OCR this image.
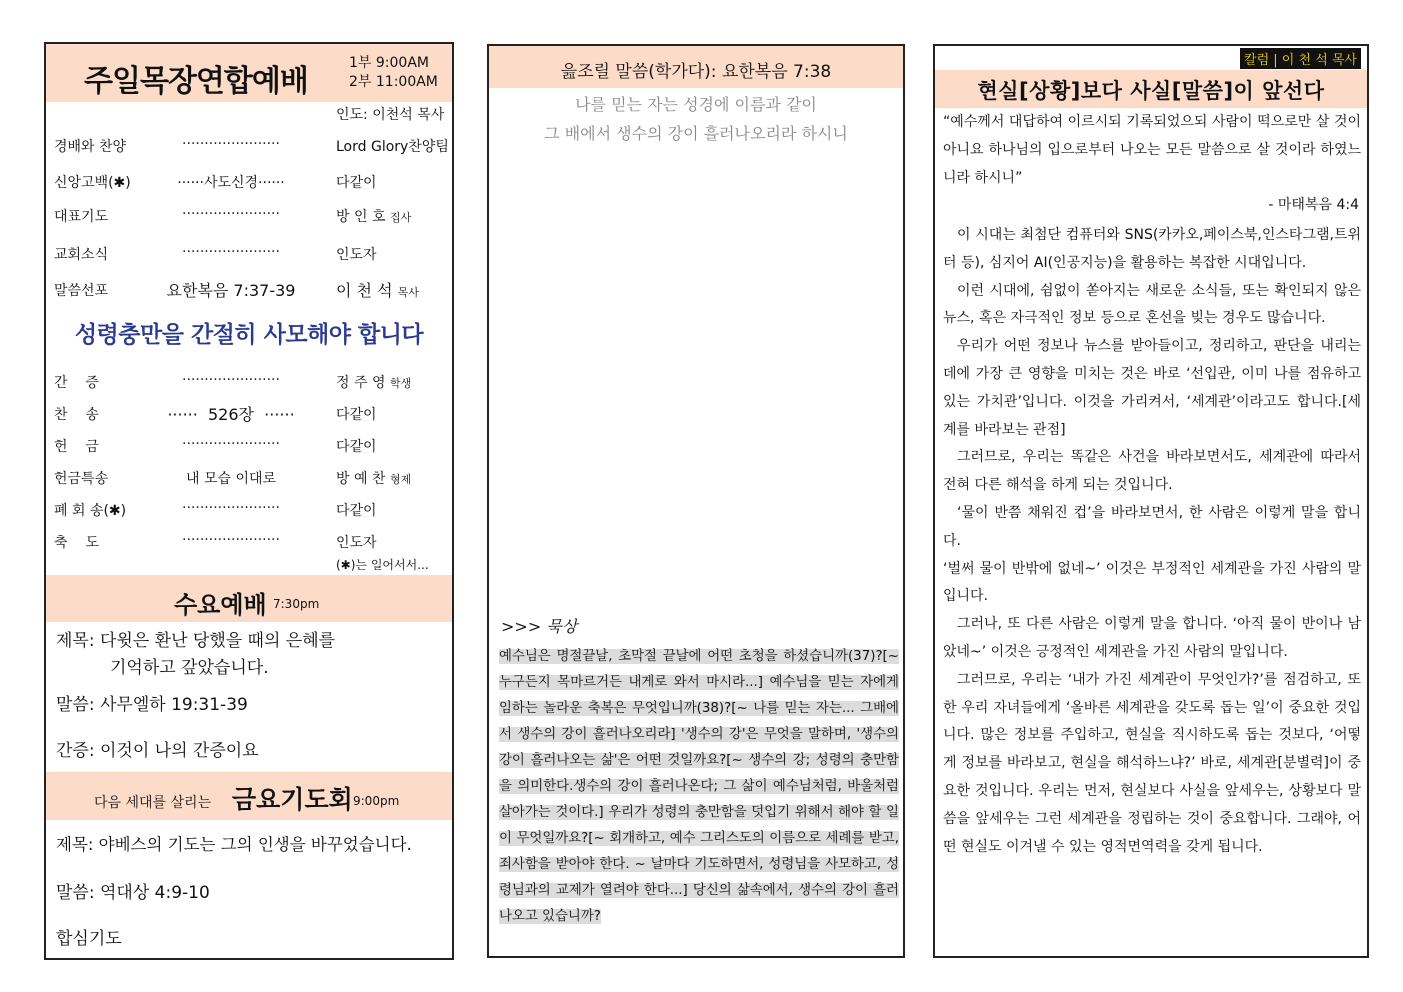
주일목장연합예배
1부 9:00AM
2부 11:00AM
인도: 이천석 목사
경배와 찬양	······················	Lord Glory찬양팀
신앙고백(✱)	······사도신경······	다같이
대표기도	······················	방 인 호 집사
교회소식	······················	인도자
말씀선포	요한복음 7:37-39	이 천 석 목사
성령충만을 간절히 사모해야 합니다
간    증	······················	정 주 영 학생
찬    송	······  526장  ······	다같이
헌    금	······················	다같이
헌금특송	내 모습 이대로	방 예 찬 형제
폐 회 송(✱)	······················	다같이
축    도	······················	인도자
(✱)는 일어서서...
수요예배 7:30pm
제목: 다윗은 환난 당했을 때의 은혜를
기억하고 갚았습니다.
말씀: 사무엘하 19:31-39
간증: 이것이 나의 간증이요
다음 세대를 살리는 금요기도회 9:00pm
제목: 야베스의 기도는 그의 인생을 바꾸었습니다.
말씀: 역대상 4:9-10
합심기도
읊조릴 말씀(학가다): 요한복음 7:38
나를 믿는 자는 성경에 이름과 같이
그 배에서 생수의 강이 흘러나오리라 하시니
>>> 묵상
예수님은 명절끝날, 초막절 끝날에 어떤 초청을 하셨습니까(37)?[~ 누구든지 목마르거든 내게로 와서 마시라...] 예수님을 믿는 자에게 임하는 놀라운 축복은 무엇입니까(38)?[~ 나를 믿는 자는... 그배에서 생수의 강이 흘러나오리라] '생수의 강'은 무엇을 말하며, '생수의 강이 흘러나오는 삶'은 어떤 것일까요?[~ 생수의 강; 성령의 충만함을 의미한다.생수의 강이 흘러나온다; 그 삶이 예수님처럼, 바울처럼 살아가는 것이다.] 우리가 성령의 충만함을 덧입기 위해서 해야 할 일이 무엇일까요?[~ 회개하고, 예수 그리스도의 이름으로 세례를 받고, 죄사함을 받아야 한다. ~ 날마다 기도하면서, 성령님을 사모하고, 성령님과의 교제가 열려야 한다...] 당신의 삶속에서, 생수의 강이 흘러나오고 있습니까?
칼럼 | 이 천 석 목사
현실[상황]보다 사실[말씀]이 앞선다
“예수께서 대답하여 이르시되 기록되었으되 사람이 떡으로만 살 것이 아니요 하나님의 입으로부터 나오는 모든 말씀으로 살 것이라 하였느니라 하시니”
- 마태복음 4:4

이 시대는 최첨단 컴퓨터와 SNS(카카오,페이스북,인스타그램,트위터 등), 심지어 AI(인공지능)을 활용하는 복잡한 시대입니다.

이런 시대에, 쉼없이 쏟아지는 새로운 소식들, 또는 확인되지 않은 뉴스, 혹은 자극적인 정보 등으로 혼선을 빚는 경우도 많습니다.

우리가 어떤 정보나 뉴스를 받아들이고, 정리하고, 판단을 내리는 데에 가장 큰 영향을 미치는 것은 바로 ‘선입관, 이미 나를 점유하고 있는 가치관’입니다. 이것을 가리켜서, ‘세계관’이라고도 합니다.[세계를 바라보는 관점]

그러므로, 우리는 똑같은 사건을 바라보면서도, 세계관에 따라서 전혀 다른 해석을 하게 되는 것입니다.

‘물이 반쯤 채워진 컵’을 바라보면서, 한 사람은 이렇게 말을 합니다.

‘벌써 물이 반밖에 없네~’ 이것은 부정적인 세계관을 가진 사람의 말입니다.

그러나, 또 다른 사람은 이렇게 말을 합니다. ‘아직 물이 반이나 남았네~’ 이것은 긍정적인 세계관을 가진 사람의 말입니다.

그러므로, 우리는 ‘내가 가진 세계관이 무엇인가?’를 점검하고, 또한 우리 자녀들에게 ‘올바른 세계관을 갖도록 돕는 일’이 중요한 것입니다. 많은 정보를 주입하고, 현실을 직시하도록 돕는 것보다, ‘어떻게 정보를 바라보고, 현실을 해석하느냐?’ 바로, 세계관[분별력]이 중요한 것입니다. 우리는 먼저, 현실보다 사실을 앞세우는, 상황보다 말씀을 앞세우는 그런 세계관을 정립하는 것이 중요합니다. 그래야, 어떤 현실도 이겨낼 수 있는 영적면역력을 갖게 됩니다.
